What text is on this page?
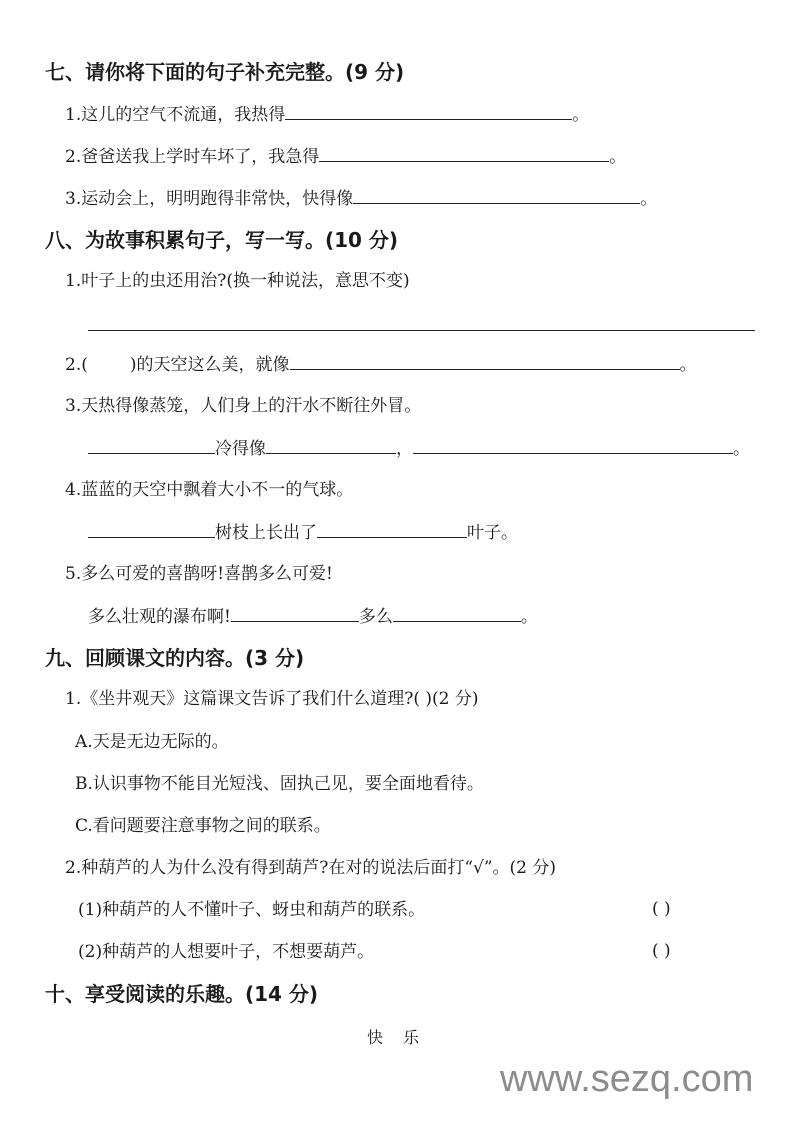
七、请你将下面的句子补充完整。(9 分)
1.这儿的空气不流通，我热得	。
2.爸爸送我上学时车坏了，我急得	。
3.运动会上，明明跑得非常快，快得像	。
八、为故事积累句子，写一写。(10 分)
1.叶子上的虫还用治?(换一种说法，意思不变)
2.( )的天空这么美，就像	。
3.天热得像蒸笼，人们身上的汗水不断往外冒。
冷得像	，	。
4.蓝蓝的天空中飘着大小不一的气球。
树枝上长出了	叶子。
5.多么可爱的喜鹊呀!喜鹊多么可爱!
多么壮观的瀑布啊!	多么	。
九、回顾课文的内容。(3 分)
1.《坐井观天》这篇课文告诉了我们什么道理?( )(2 分)
A.天是无边无际的。
B.认识事物不能目光短浅、固执己见，要全面地看待。
C.看问题要注意事物之间的联系。
2.种葫芦的人为什么没有得到葫芦?在对的说法后面打“√”。(2 分)
(1)种葫芦的人不懂叶子、蚜虫和葫芦的联系。	( )
(2)种葫芦的人想要叶子，不想要葫芦。	( )
十、享受阅读的乐趣。(14 分)
快乐
www.sezq.com
